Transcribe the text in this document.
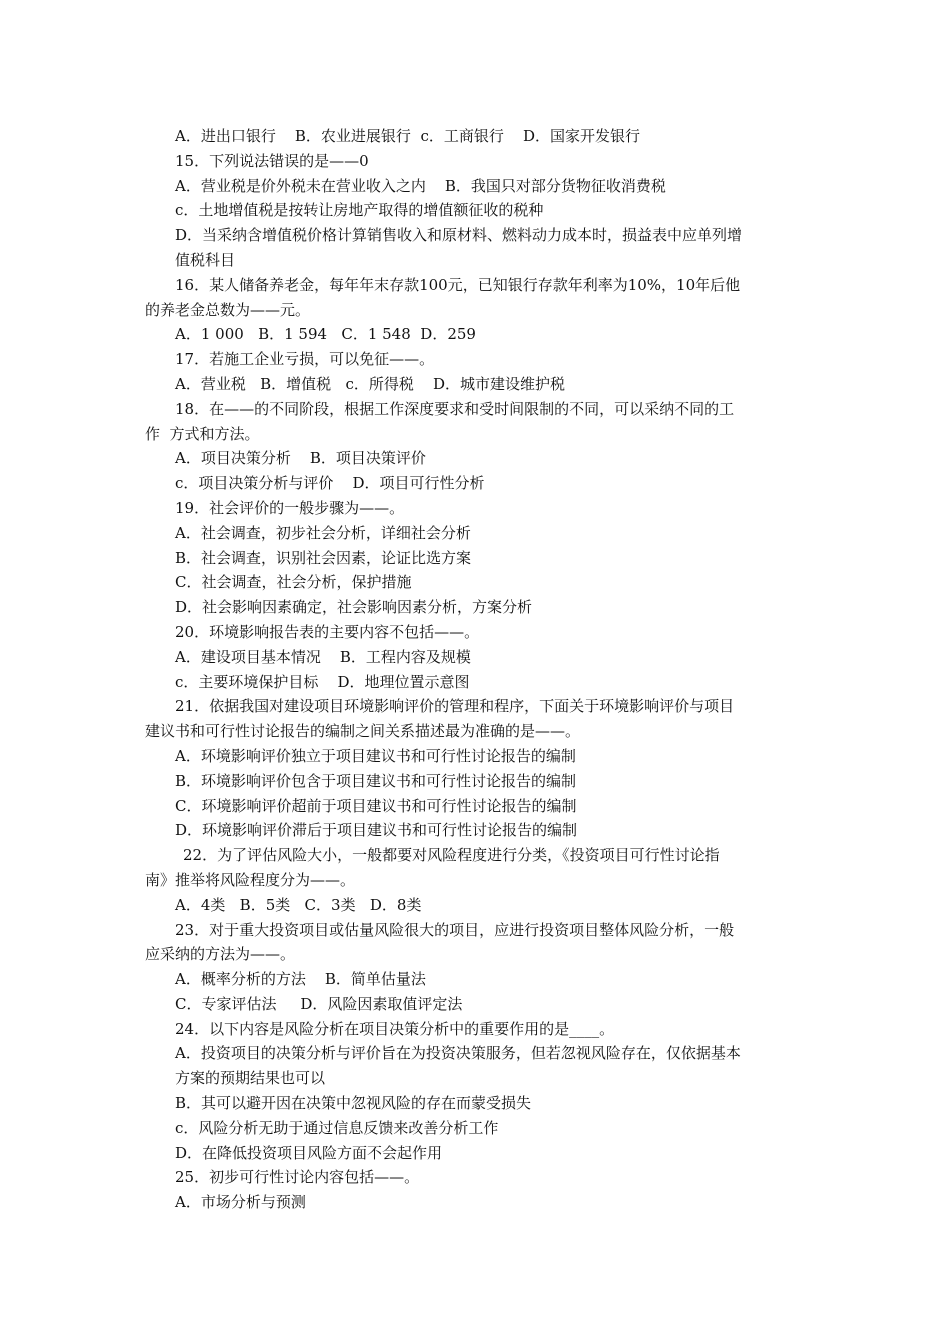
A．进出口银行    B．农业进展银行  c．工商银行    D．国家开发银行
15．下列说法错误的是——0
A．营业税是价外税未在营业收入之内    B．我国只对部分货物征收消费税
c．土地增值税是按转让房地产取得的增值额征收的税种
D．当采纳含增值税价格计算销售收入和原材料、燃料动力成本时，损益表中应单列增
值税科目
16．某人储备养老金，每年年末存款100元，已知银行存款年利率为10%，10年后他
的养老金总数为——元。
A．1 000   B．1 594   C．1 548  D．259
17．若施工企业亏损，可以免征——。
A．营业税   B．增值税   c．所得税    D．城市建设维护税
18．在——的不同阶段，根据工作深度要求和受时间限制的不同，可以采纳不同的工
作  方式和方法。
A．项目决策分析    B．项目决策评价
c．项目决策分析与评价    D．项目可行性分析
19．社会评价的一般步骤为——。
A．社会调查，初步社会分析，详细社会分析
B．社会调查，识别社会因素，论证比选方案
C．社会调查，社会分析，保护措施
D．社会影响因素确定，社会影响因素分析，方案分析
20．环境影响报告表的主要内容不包括——。
A．建设项目基本情况    B．工程内容及规模
c．主要环境保护目标    D．地理位置示意图
21．依据我国对建设项目环境影响评价的管理和程序，下面关于环境影响评价与项目
建议书和可行性讨论报告的编制之间关系描述最为准确的是——。
A．环境影响评价独立于项目建议书和可行性讨论报告的编制
B．环境影响评价包含于项目建议书和可行性讨论报告的编制
C．环境影响评价超前于项目建议书和可行性讨论报告的编制
D．环境影响评价滞后于项目建议书和可行性讨论报告的编制
22．为了评估风险大小，一般都要对风险程度进行分类，《投资项目可行性讨论指
南》推举将风险程度分为——。
A．4类   B．5类   C．3类   D．8类
23．对于重大投资项目或估量风险很大的项目，应进行投资项目整体风险分析，一般
应采纳的方法为——。
A．概率分析的方法    B．简单估量法
C．专家评估法     D．风险因素取值评定法
24．以下内容是风险分析在项目决策分析中的重要作用的是____。
A．投资项目的决策分析与评价旨在为投资决策服务，但若忽视风险存在，仅依据基本
方案的预期结果也可以
B．其可以避开因在决策中忽视风险的存在而蒙受损失
c．风险分析无助于通过信息反馈来改善分析工作
D．在降低投资项目风险方面不会起作用
25．初步可行性讨论内容包括——。
A．市场分析与预测
